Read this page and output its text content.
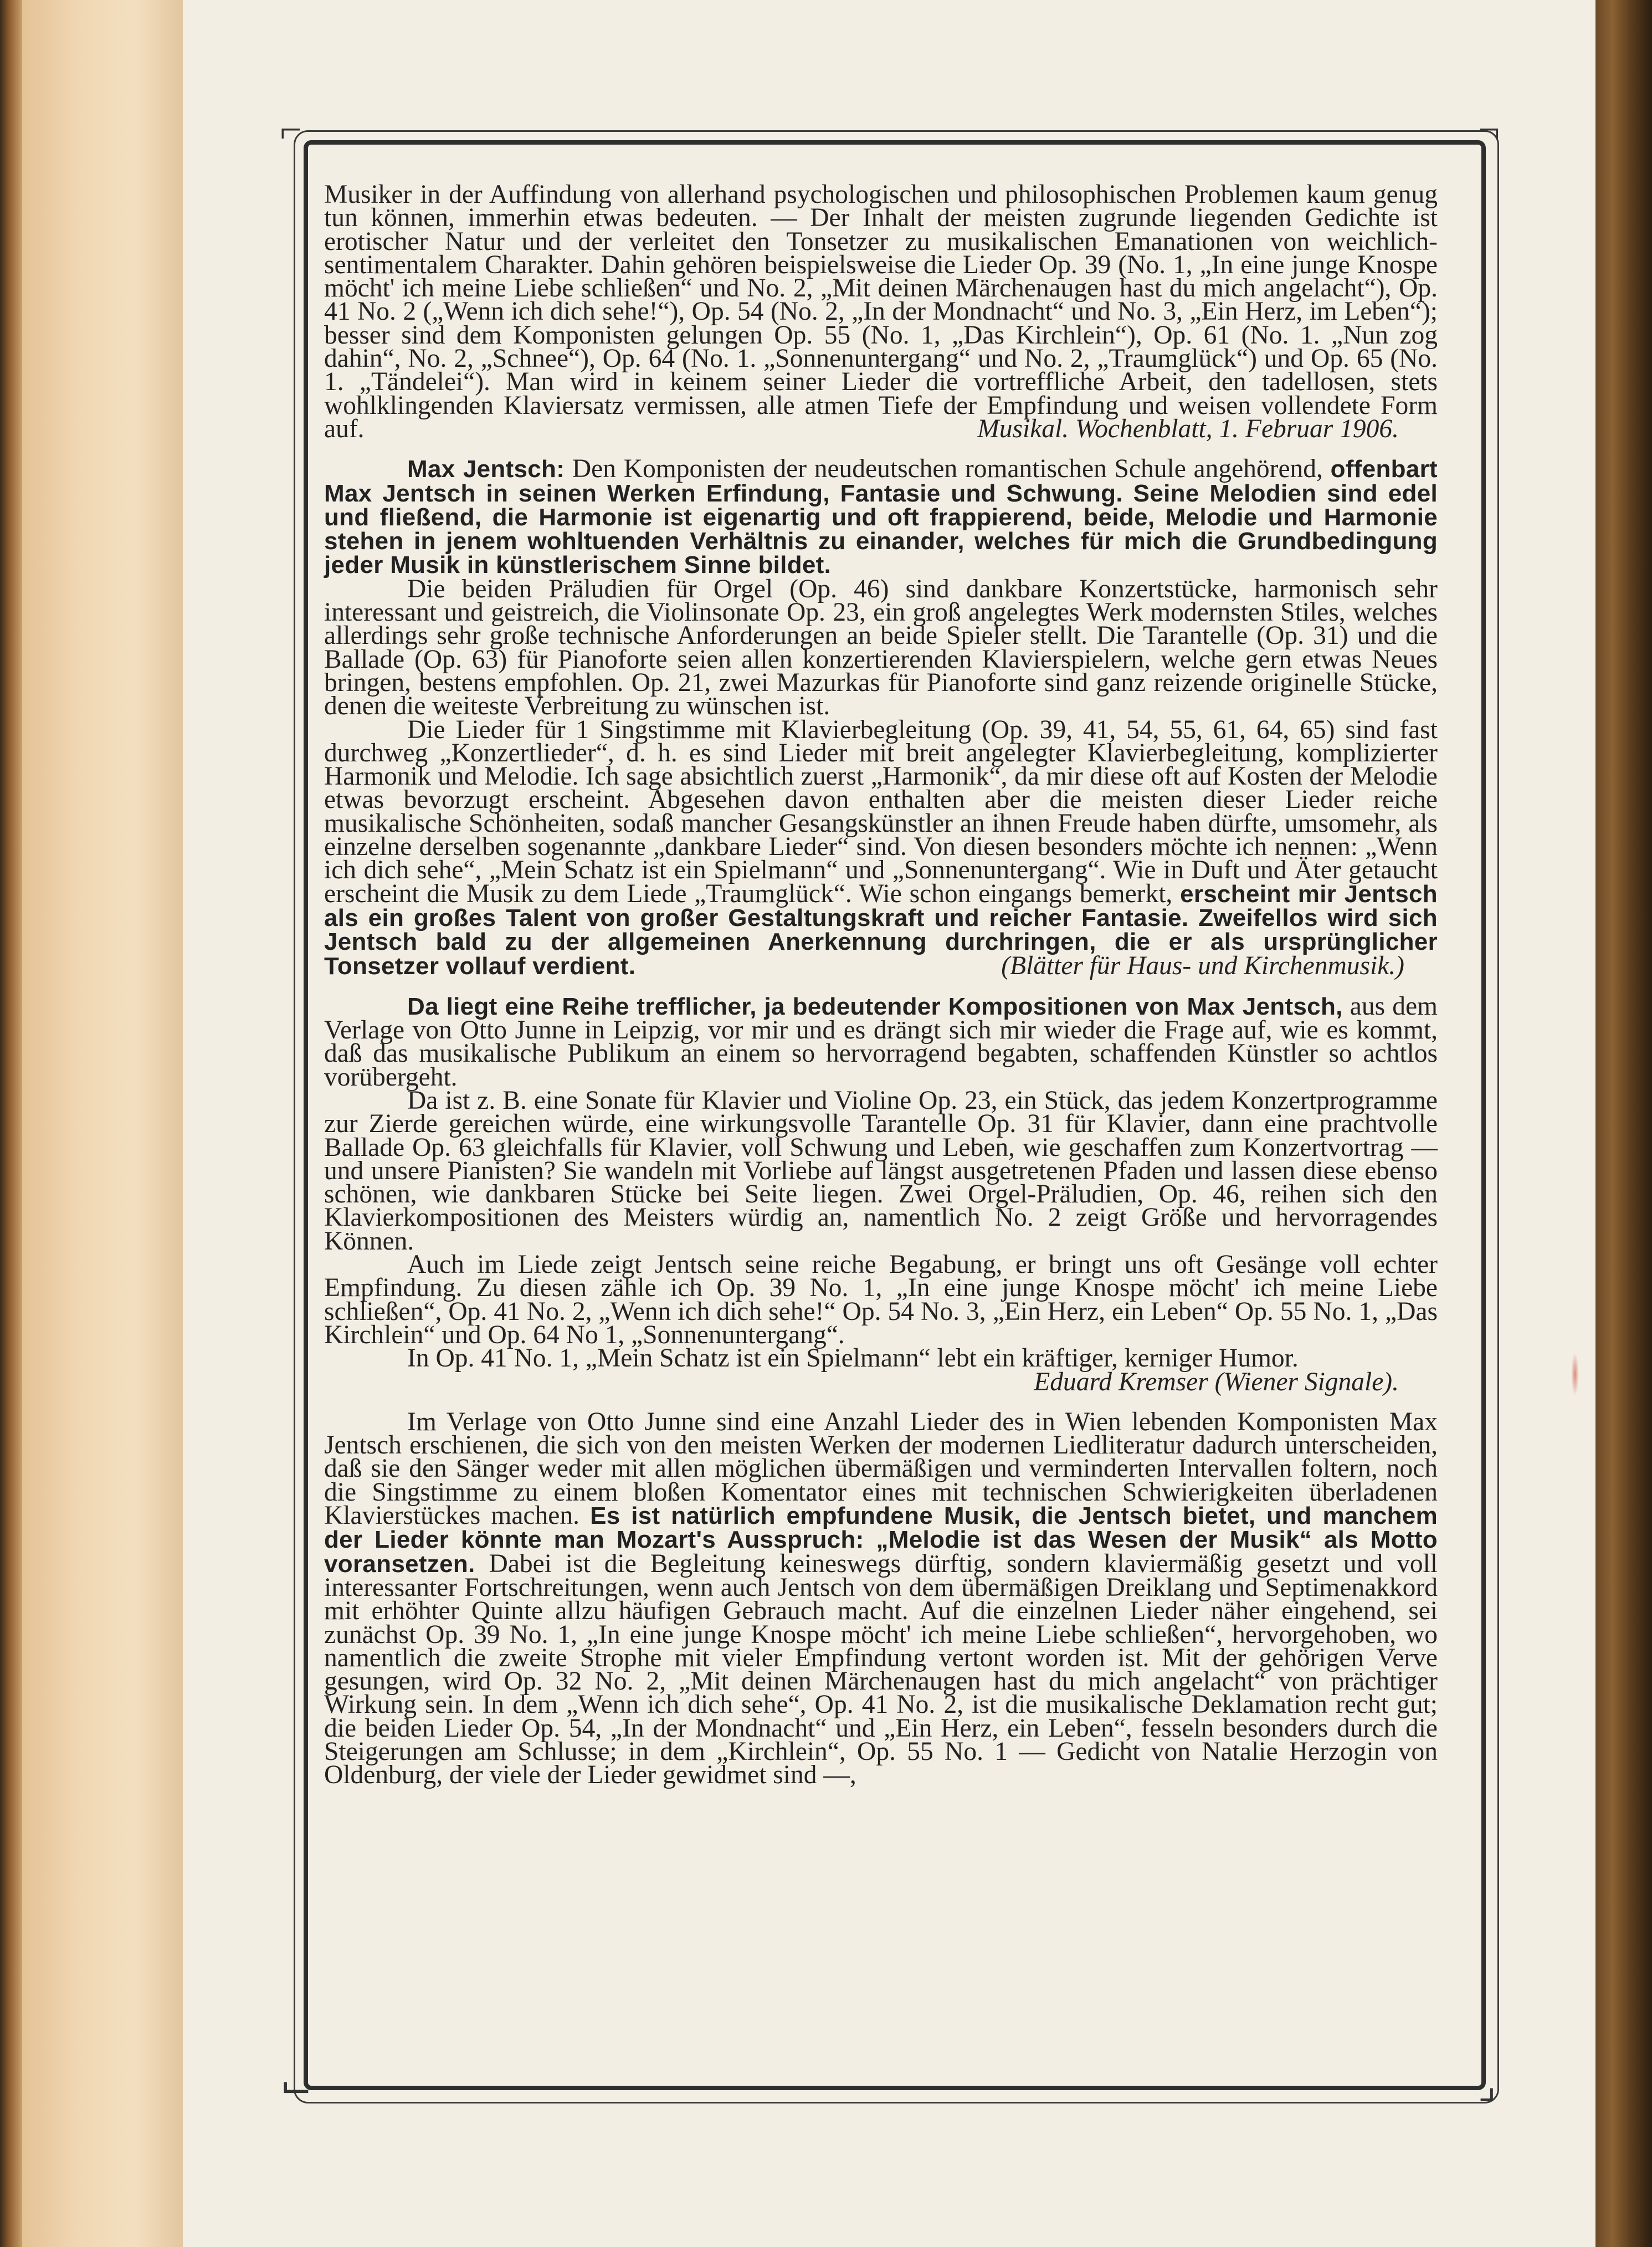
⌐	¬
⌙	⌟

Musiker in der Auffindung von allerhand psychologischen und philosophischen Problemen kaum genug tun können, immerhin etwas bedeuten. — Der Inhalt der meisten zugrunde liegenden Gedichte ist erotischer Natur und der verleitet den Tonsetzer zu musikalischen Emanationen von weichlich-sentimentalem Charakter. Dahin gehören beispielsweise die Lieder Op. 39 (No. 1, „In eine junge Knospe möcht' ich meine Liebe schließen“ und No. 2, „Mit deinen Märchenaugen hast du mich angelacht“), Op. 41 No. 2 („Wenn ich dich sehe!“), Op. 54 (No. 2, „In der Mondnacht“ und No. 3, „Ein Herz, im Leben“); besser sind dem Komponisten gelungen Op. 55 (No. 1, „Das Kirchlein“), Op. 61 (No. 1. „Nun zog dahin“, No. 2, „Schnee“), Op. 64 (No. 1. „Sonnenuntergang“ und No. 2, „Traumglück“) und Op. 65 (No. 1. „Tändelei“). Man wird in keinem seiner Lieder die vortreffliche Arbeit, den tadellosen, stets wohlklingenden Klaviersatz vermissen, alle atmen Tiefe der Empfindung und weisen vollendete Form auf.	Musikal. Wochenblatt, 1. Februar 1906.

Max Jentsch: Den Komponisten der neudeutschen romantischen Schule angehörend, offenbart Max Jentsch in seinen Werken Erfindung, Fantasie und Schwung. Seine Melodien sind edel und fließend, die Harmonie ist eigenartig und oft frappierend, beide, Melodie und Harmonie stehen in jenem wohltuenden Verhältnis zu einander, welches für mich die Grundbedingung jeder Musik in künstlerischem Sinne bildet.

Die beiden Präludien für Orgel (Op. 46) sind dankbare Konzertstücke, harmonisch sehr interessant und geistreich, die Violinsonate Op. 23, ein groß angelegtes Werk modernsten Stiles, welches allerdings sehr große technische Anforderungen an beide Spieler stellt. Die Tarantelle (Op. 31) und die Ballade (Op. 63) für Pianoforte seien allen konzertierenden Klavierspielern, welche gern etwas Neues bringen, bestens empfohlen. Op. 21, zwei Mazurkas für Pianoforte sind ganz reizende originelle Stücke, denen die weiteste Verbreitung zu wünschen ist.

Die Lieder für 1 Singstimme mit Klavierbegleitung (Op. 39, 41, 54, 55, 61, 64, 65) sind fast durchweg „Konzertlieder“, d. h. es sind Lieder mit breit angelegter Klavierbegleitung, komplizierter Harmonik und Melodie. Ich sage absichtlich zuerst „Harmonik“, da mir diese oft auf Kosten der Melodie etwas bevorzugt erscheint. Abgesehen davon enthalten aber die meisten dieser Lieder reiche musikalische Schönheiten, sodaß mancher Gesangskünstler an ihnen Freude haben dürfte, umsomehr, als einzelne derselben sogenannte „dankbare Lieder“ sind. Von diesen besonders möchte ich nennen: „Wenn ich dich sehe“, „Mein Schatz ist ein Spielmann“ und „Sonnenuntergang“. Wie in Duft und Äter getaucht erscheint die Musik zu dem Liede „Traumglück“. Wie schon eingangs bemerkt, erscheint mir Jentsch als ein großes Talent von großer Gestaltungskraft und reicher Fantasie. Zweifellos wird sich Jentsch bald zu der allgemeinen Anerkennung durchringen, die er als ursprünglicher Tonsetzer vollauf verdient.	(Blätter für Haus- und Kirchenmusik.)

Da liegt eine Reihe trefflicher, ja bedeutender Kompositionen von Max Jentsch, aus dem Verlage von Otto Junne in Leipzig, vor mir und es drängt sich mir wieder die Frage auf, wie es kommt, daß das musikalische Publikum an einem so hervorragend begabten, schaffenden Künstler so achtlos vorübergeht.

Da ist z. B. eine Sonate für Klavier und Violine Op. 23, ein Stück, das jedem Konzertprogramme zur Zierde gereichen würde, eine wirkungsvolle Tarantelle Op. 31 für Klavier, dann eine prachtvolle Ballade Op. 63 gleichfalls für Klavier, voll Schwung und Leben, wie geschaffen zum Konzertvortrag — und unsere Pianisten? Sie wandeln mit Vorliebe auf längst ausgetretenen Pfaden und lassen diese ebenso schönen, wie dankbaren Stücke bei Seite liegen. Zwei Orgel-Präludien, Op. 46, reihen sich den Klavierkompositionen des Meisters würdig an, namentlich No. 2 zeigt Größe und hervorragendes Können.

Auch im Liede zeigt Jentsch seine reiche Begabung, er bringt uns oft Gesänge voll echter Empfindung. Zu diesen zähle ich Op. 39 No. 1, „In eine junge Knospe möcht' ich meine Liebe schließen“, Op. 41 No. 2, „Wenn ich dich sehe!“ Op. 54 No. 3, „Ein Herz, ein Leben“ Op. 55 No. 1, „Das Kirchlein“ und Op. 64 No 1, „Sonnenuntergang“.

In Op. 41 No. 1, „Mein Schatz ist ein Spielmann“ lebt ein kräftiger, kerniger Humor.

Eduard Kremser (Wiener Signale).

Im Verlage von Otto Junne sind eine Anzahl Lieder des in Wien lebenden Komponisten Max Jentsch erschienen, die sich von den meisten Werken der modernen Liedliteratur dadurch unterscheiden, daß sie den Sänger weder mit allen möglichen übermäßigen und verminderten Intervallen foltern, noch die Singstimme zu einem bloßen Komentator eines mit technischen Schwierigkeiten überladenen Klavierstückes machen. Es ist natürlich empfundene Musik, die Jentsch bietet, und manchem der Lieder könnte man Mozart's Ausspruch: „Melodie ist das Wesen der Musik“ als Motto voransetzen. Dabei ist die Begleitung keineswegs dürftig, sondern klaviermäßig gesetzt und voll interessanter Fortschreitungen, wenn auch Jentsch von dem übermäßigen Dreiklang und Septimenakkord mit erhöhter Quinte allzu häufigen Gebrauch macht. Auf die einzelnen Lieder näher eingehend, sei zunächst Op. 39 No. 1, „In eine junge Knospe möcht' ich meine Liebe schließen“, hervorgehoben, wo namentlich die zweite Strophe mit vieler Empfindung vertont worden ist. Mit der gehörigen Verve gesungen, wird Op. 32 No. 2, „Mit deinen Märchenaugen hast du mich angelacht“ von prächtiger Wirkung sein. In dem „Wenn ich dich sehe“, Op. 41 No. 2, ist die musikalische Deklamation recht gut; die beiden Lieder Op. 54, „In der Mondnacht“ und „Ein Herz, ein Leben“, fesseln besonders durch die Steigerungen am Schlusse; in dem „Kirchlein“, Op. 55 No. 1 — Gedicht von Natalie Herzogin von Oldenburg, der viele der Lieder gewidmet sind —,
